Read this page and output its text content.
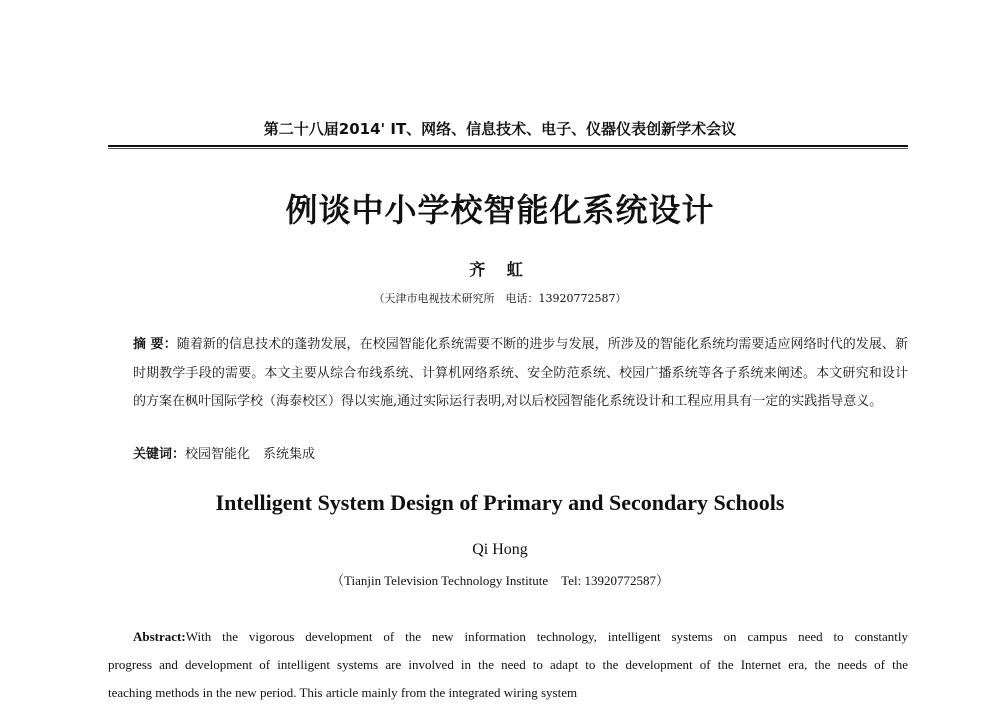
第二十八届2014' IT、网络、信息技术、电子、仪器仪表创新学术会议
例谈中小学校智能化系统设计
齐 虹
（天津市电视技术研究所　电话：13920772587）
摘 要：随着新的信息技术的蓬勃发展，在校园智能化系统需要不断的进步与发展，所涉及的智能化系统均需要适应网络时代的发展、新时期教学手段的需要。本文主要从综合布线系统、计算机网络系统、安全防范系统、校园广播系统等各子系统来阐述。本文研究和设计的方案在枫叶国际学校（海泰校区）得以实施,通过实际运行表明,对以后校园智能化系统设计和工程应用具有一定的实践指导意义。
关键词：校园智能化　系统集成
Intelligent System Design of Primary and Secondary Schools
Qi Hong
（Tianjin Television Technology Institute　Tel: 13920772587）
Abstract:With the vigorous development of the new information technology, intelligent systems on campus need to constantly
progress and development of intelligent systems are involved in the need to adapt to the development of the Internet era, the needs of the
teaching methods in the new period. This article mainly from the integrated wiring system
